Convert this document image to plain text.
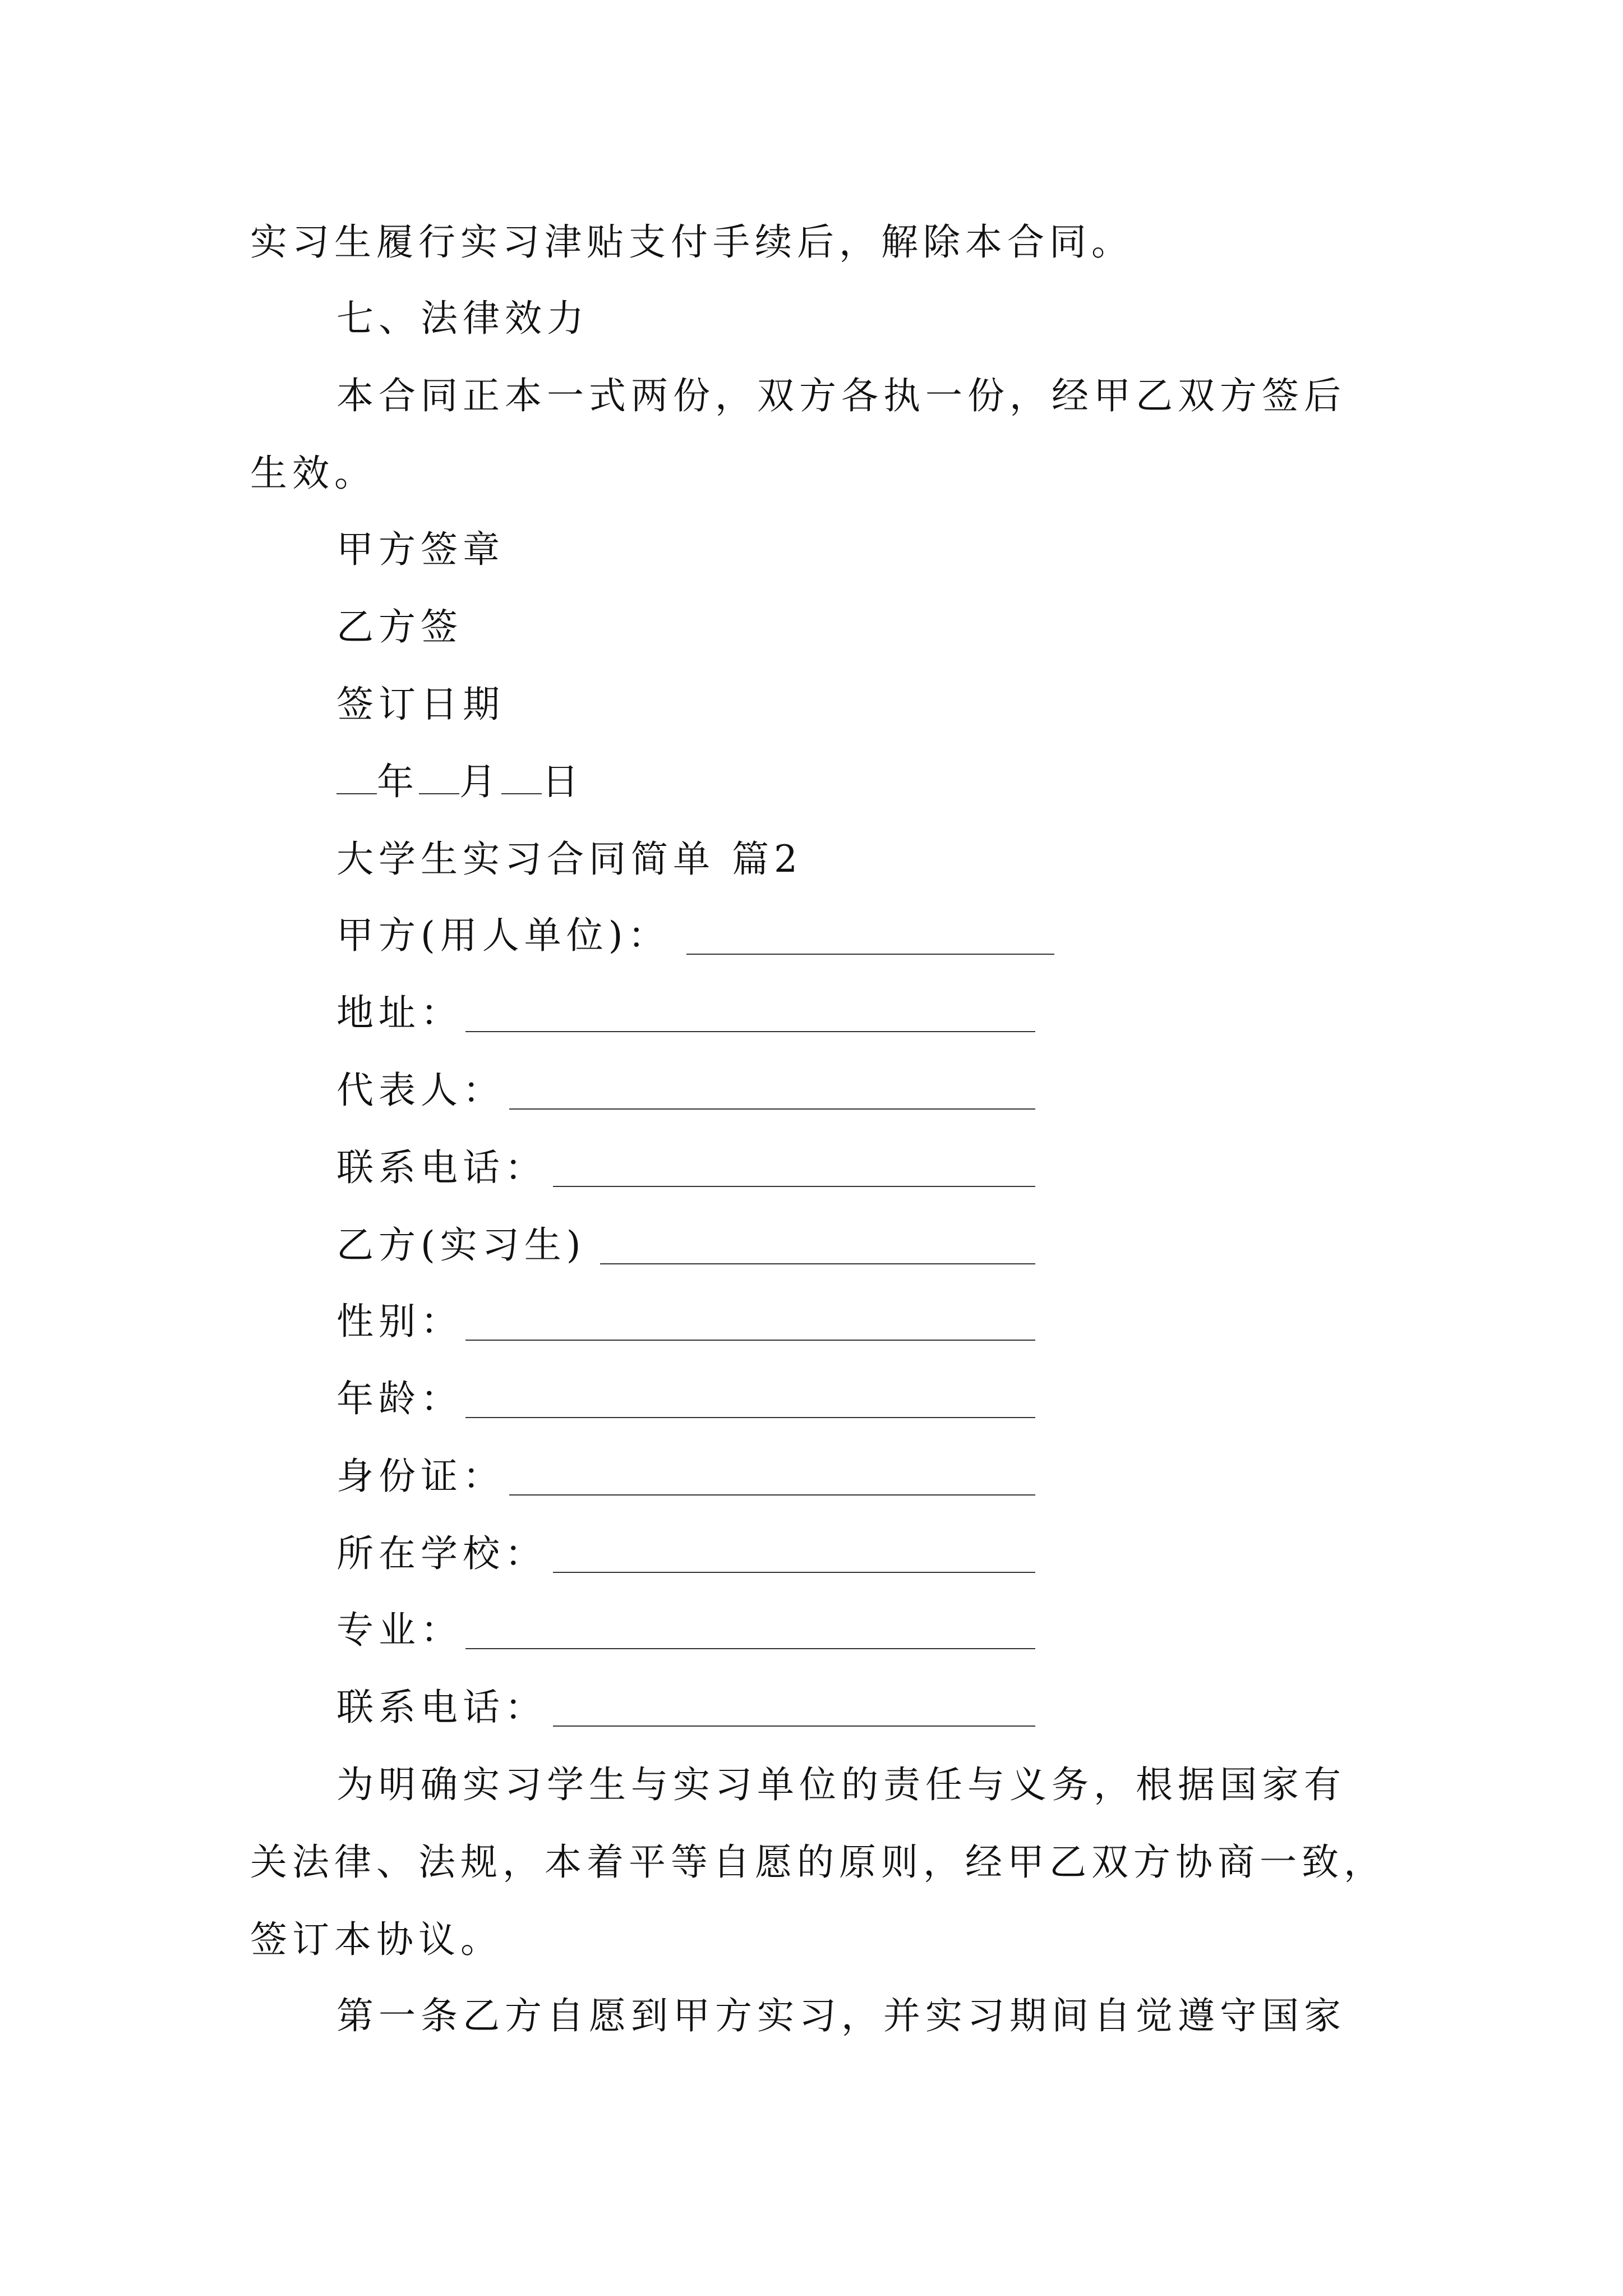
实习生履行实习津贴支付手续后，解除本合同。
七、法律效力
本合同正本一式两份，双方各执一份，经甲乙双方签后
生效。
甲方签章
乙方签
签订日期
年 月 日
大学生实习合同简单 篇2
甲方(用人单位)：
地址：
代表人：
联系电话：
乙方(实习生)
性别：
年龄：
身份证：
所在学校：
专业：
联系电话：
为明确实习学生与实习单位的责任与义务，根据国家有
关法律、法规，本着平等自愿的原则，经甲乙双方协商一致，
签订本协议。
第一条乙方自愿到甲方实习，并实习期间自觉遵守国家
